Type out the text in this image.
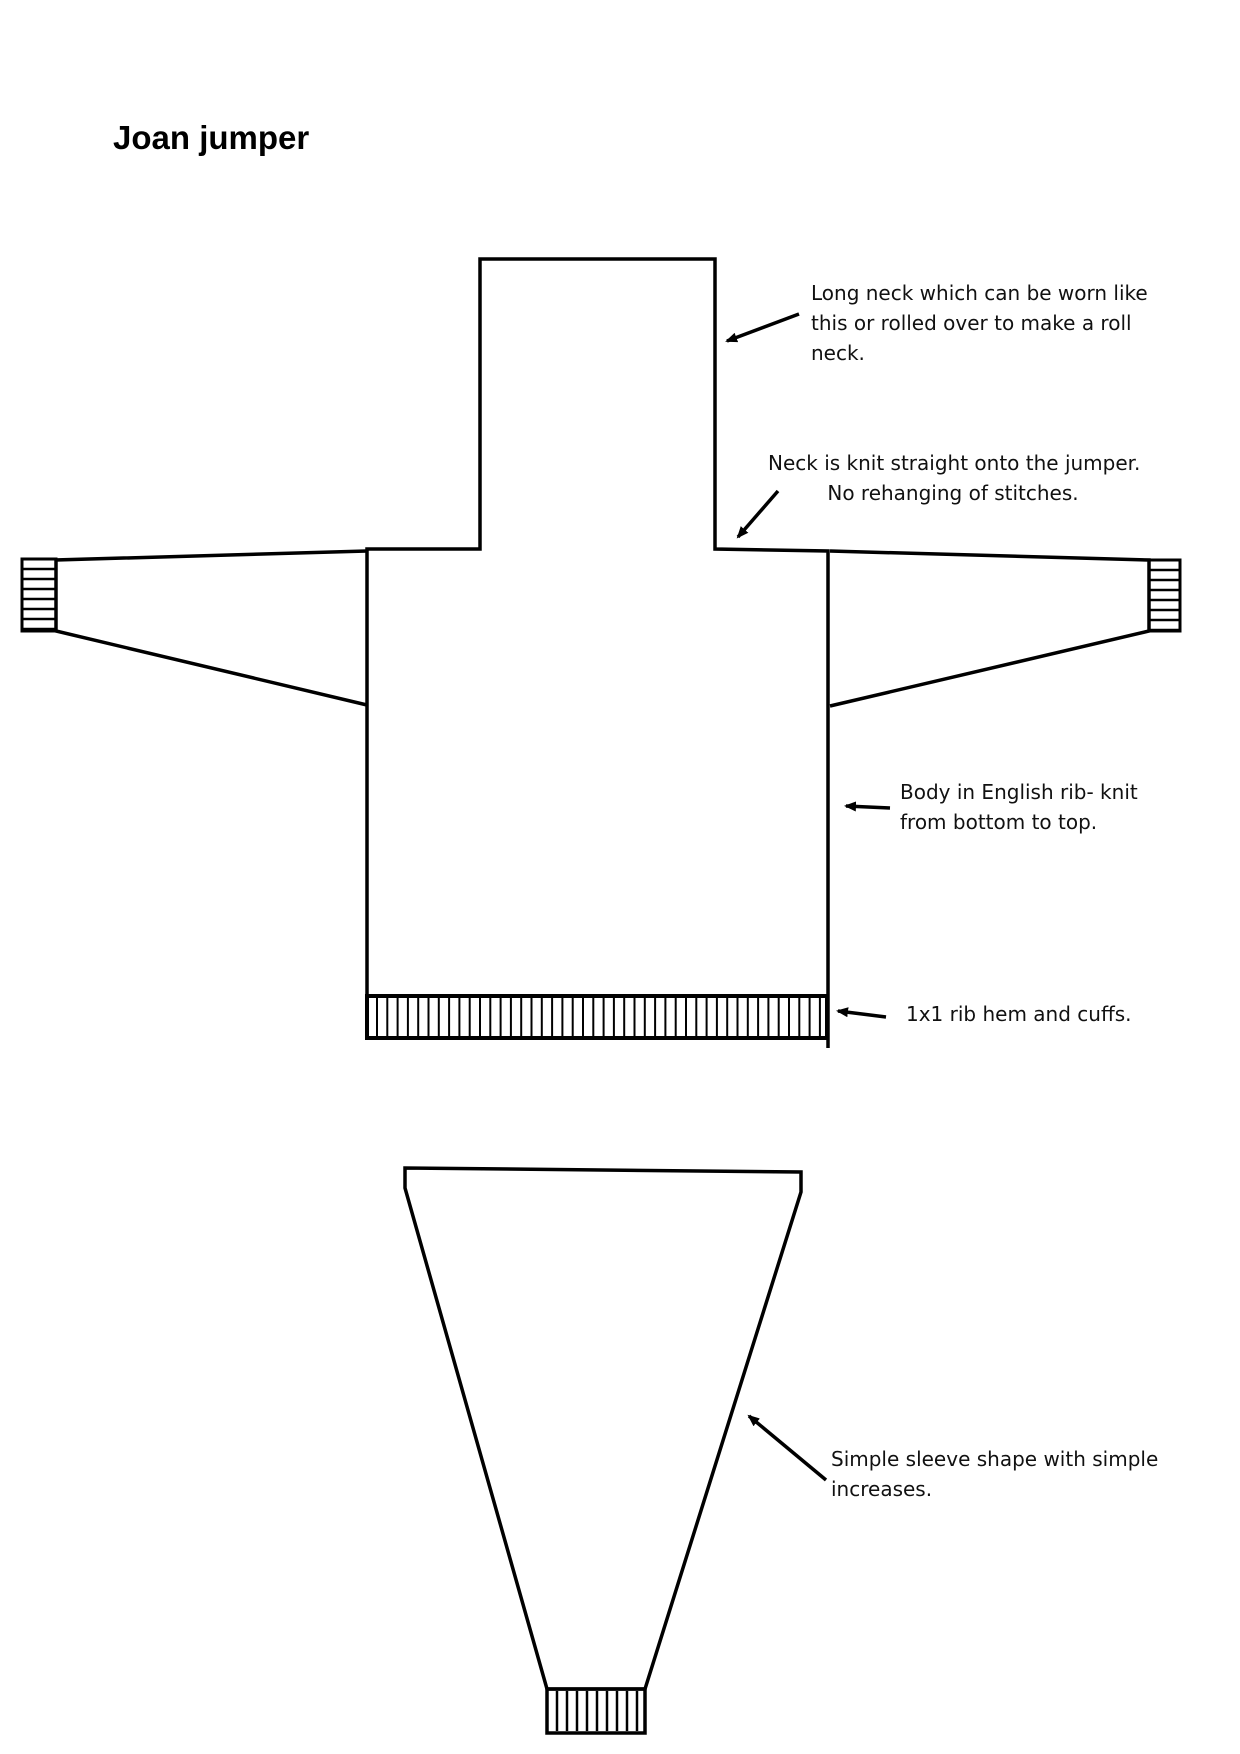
Joan jumper

Long neck which can be worn like
this or rolled over to make a roll
neck.

Neck is knit straight onto the jumper.
No rehanging of stitches.

Body in English rib- knit
from bottom to top.

1x1 rib hem and cuffs.

Simple sleeve shape with simple
increases.
